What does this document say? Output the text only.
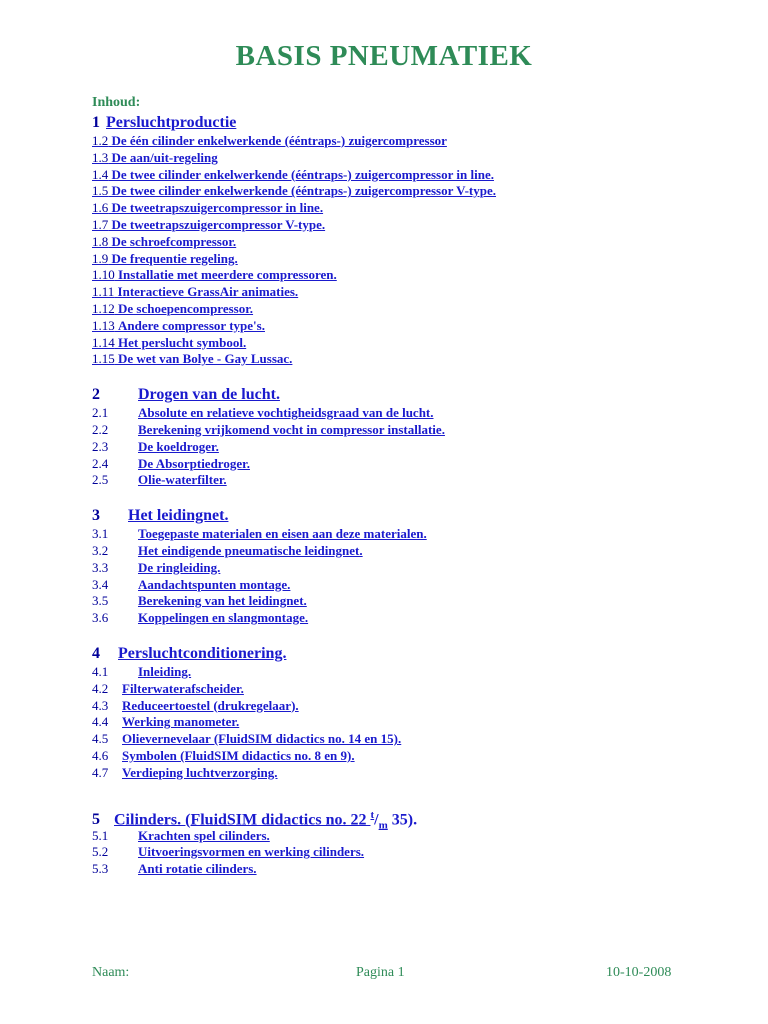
BASIS PNEUMATIEK
Inhoud:
1 Persluchtproductie
1.2 De één cilinder enkelwerkende (ééntraps-) zuigercompressor
1.3 De aan/uit-regeling
1.4 De twee cilinder enkelwerkende (ééntraps-) zuigercompressor in line.
1.5 De twee cilinder enkelwerkende (ééntraps-) zuigercompressor V-type.
1.6 De tweetrapszuigercompressor in line.
1.7 De tweetrapszuigercompressor V-type.
1.8 De schroefcompressor.
1.9 De frequentie regeling.
1.10 Installatie met meerdere compressoren.
1.11 Interactieve GrassAir animaties.
1.12 De schoepencompressor.
1.13 Andere compressor type's.
1.14 Het perslucht symbool.
1.15 De wet van Bolye - Gay Lussac.
2	Drogen van de lucht.
2.1	Absolute en relatieve vochtigheidsgraad van de lucht.
2.2	Berekening vrijkomend vocht in compressor installatie.
2.3	De koeldroger.
2.4	De Absorptiedroger.
2.5	Olie-waterfilter.
3	Het leidingnet.
3.1	Toegepaste materialen en eisen aan deze materialen.
3.2	Het eindigende pneumatische leidingnet.
3.3	De ringleiding.
3.4	Aandachtspunten montage.
3.5	Berekening van het leidingnet.
3.6	Koppelingen en slangmontage.
4	Persluchtconditionering.
4.1	Inleiding.
4.2	Filterwaterafscheider.
4.3	Reduceertoestel (drukregelaar).
4.4	Werking manometer.
4.5	Olievernevelaar (FluidSIM didactics no. 14 en 15).
4.6	Symbolen (FluidSIM didactics no. 8 en 9).
4.7	Verdieping luchtverzorging.
5 Cilinders. (FluidSIM didactics no. 22 $^t/_m$ 35).
5.1	Krachten spel cilinders.
5.2	Uitvoeringsvormen en werking cilinders.
5.3	Anti rotatie cilinders.
Naam:	Pagina 1	10-10-2008
